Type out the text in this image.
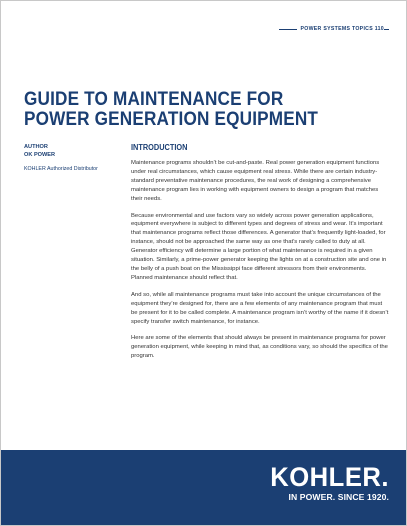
POWER SYSTEMS TOPICS 110
GUIDE TO MAINTENANCE FOR
POWER GENERATION EQUIPMENT
AUTHOR
OK POWER
KOHLER Authorized Distributor
INTRODUCTION

Maintenance programs shouldn’t be cut-and-paste. Real power generation equipment functions under real circumstances, which cause equipment real stress. While there are certain industry-standard preventative maintenance procedures, the real work of designing a comprehensive maintenance program lies in working with equipment owners to design a program that matches their needs.

Because environmental and use factors vary so widely across power generation applications, equipment everywhere is subject to different types and degrees of stress and wear. It’s important that maintenance programs reflect those differences. A generator that’s frequently light-loaded, for instance, should not be approached the same way as one that’s rarely called to duty at all. Generator efficiency will determine a large portion of what maintenance is required in a given situation. Similarly, a prime-power generator keeping the lights on at a construction site and one in the belly of a push boat on the Mississippi face different stressors from their environments. Planned maintenance should reflect that.

And so, while all maintenance programs must take into account the unique circumstances of the equipment they’re designed for, there are a few elements of any maintenance program that must be present for it to be called complete. A maintenance program isn’t worthy of the name if it doesn’t specify transfer switch maintenance, for instance.

Here are some of the elements that should always be present in maintenance programs for power generation equipment, while keeping in mind that, as conditions vary, so should the specifics of the program.

KOHLER.
IN POWER. SINCE 1920.
